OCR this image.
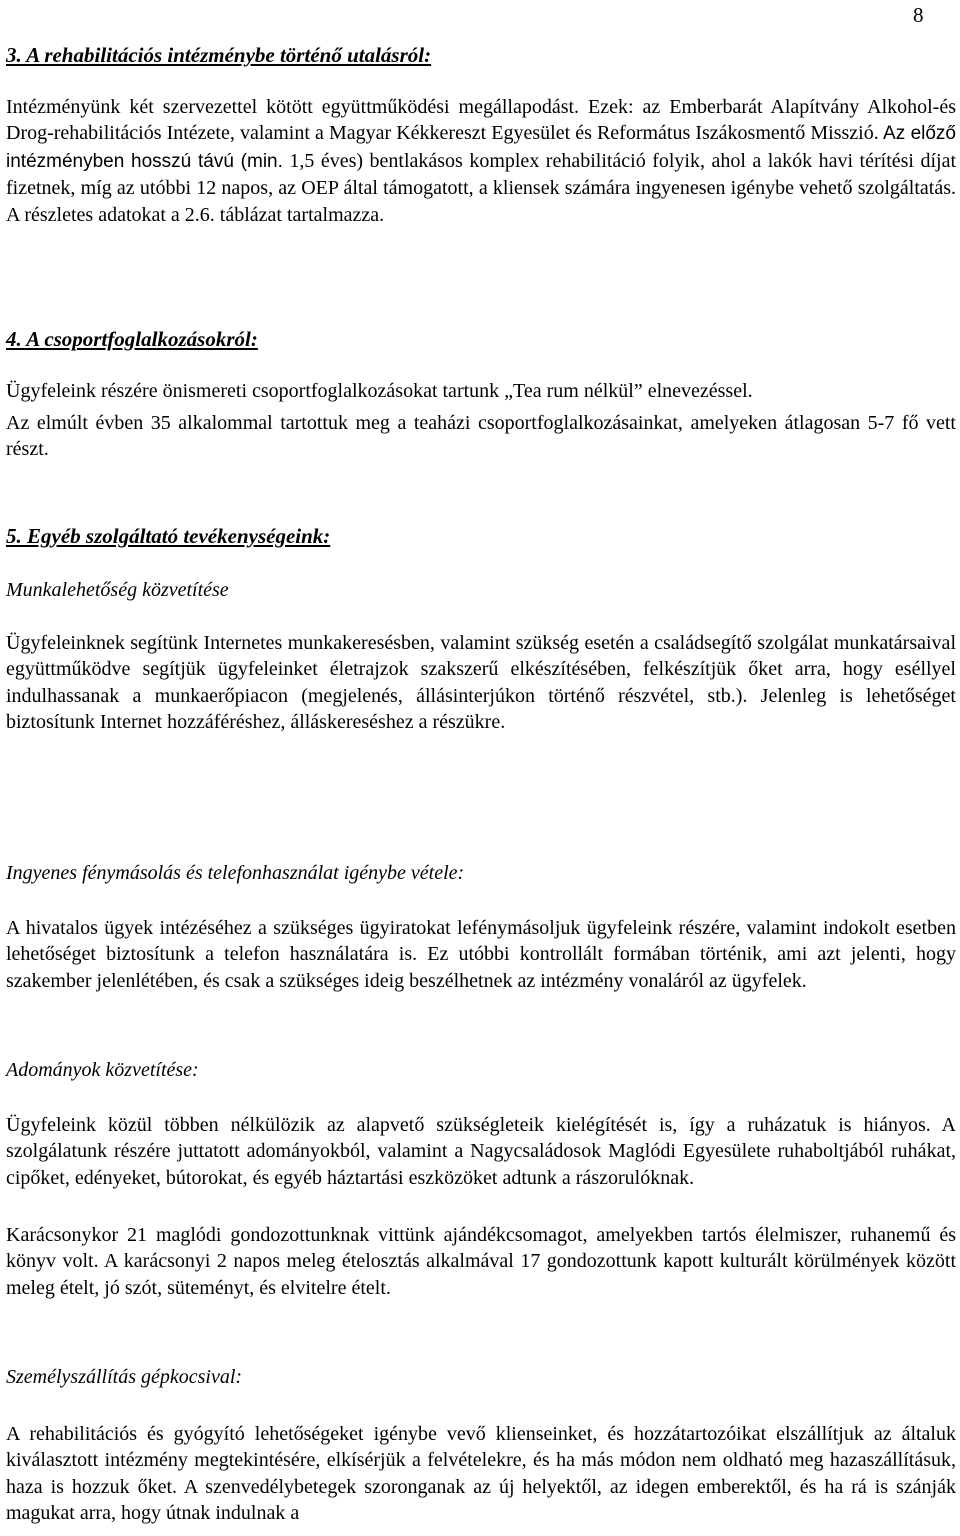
8
3. A rehabilitációs intézménybe történő utalásról:
Intézményünk két szervezettel kötött együttműködési megállapodást. Ezek: az Emberbarát Alapítvány Alkohol-és Drog-rehabilitációs Intézete, valamint a Magyar Kékkereszt Egyesület és Református Iszákosmentő Misszió. Az előző intézményben hosszú távú (min. 1,5 éves) bentlakásos komplex rehabilitáció folyik, ahol a lakók havi térítési díjat fizetnek, míg az utóbbi 12 napos, az OEP által támogatott, a kliensek számára ingyenesen igénybe vehető szolgáltatás. A részletes adatokat a 2.6. táblázat tartalmazza.
4. A csoportfoglalkozásokról:
Ügyfeleink részére önismereti csoportfoglalkozásokat tartunk „Tea rum nélkül” elnevezéssel.
Az elmúlt évben 35 alkalommal tartottuk meg a teaházi csoportfoglalkozásainkat, amelyeken átlagosan 5-7 fő vett részt.
5. Egyéb szolgáltató tevékenységeink:
Munkalehetőség közvetítése
Ügyfeleinknek segítünk Internetes munkakeresésben, valamint szükség esetén a családsegítő szolgálat munkatársaival együttműködve segítjük ügyfeleinket életrajzok szakszerű elkészítésében, felkészítjük őket arra, hogy eséllyel indulhassanak a munkaerőpiacon (megjelenés, állásinterjúkon történő részvétel, stb.). Jelenleg is lehetőséget biztosítunk Internet hozzáféréshez, álláskereséshez a részükre.
Ingyenes fénymásolás és telefonhasználat igénybe vétele:
A hivatalos ügyek intézéséhez a szükséges ügyiratokat lefénymásoljuk ügyfeleink részére, valamint indokolt esetben lehetőséget biztosítunk a telefon használatára is. Ez utóbbi kontrollált formában történik, ami azt jelenti, hogy szakember jelenlétében, és csak a szükséges ideig beszélhetnek az intézmény vonaláról az ügyfelek.
Adományok közvetítése:
Ügyfeleink közül többen nélkülözik az alapvető szükségleteik kielégítését is, így a ruházatuk is hiányos. A szolgálatunk részére juttatott adományokból, valamint a Nagycsaládosok Maglódi Egyesülete ruhaboltjából ruhákat, cipőket, edényeket, bútorokat, és egyéb háztartási eszközöket adtunk a rászorulóknak.
Karácsonykor 21 maglódi gondozottunknak vittünk ajándékcsomagot, amelyekben tartós élelmiszer, ruhanemű és könyv volt. A karácsonyi 2 napos meleg ételosztás alkalmával 17 gondozottunk kapott kulturált körülmények között meleg ételt, jó szót, süteményt, és elvitelre ételt.
Személyszállítás gépkocsival:
A rehabilitációs és gyógyító lehetőségeket igénybe vevő klienseinket, és hozzátartozóikat elszállítjuk az általuk kiválasztott intézmény megtekintésére, elkísérjük a felvételekre, és ha más módon nem oldható meg hazaszállításuk, haza is hozzuk őket. A szenvedélybetegek szoronganak az új helyektől, az idegen emberektől, és ha rá is szánják magukat arra, hogy útnak indulnak a
